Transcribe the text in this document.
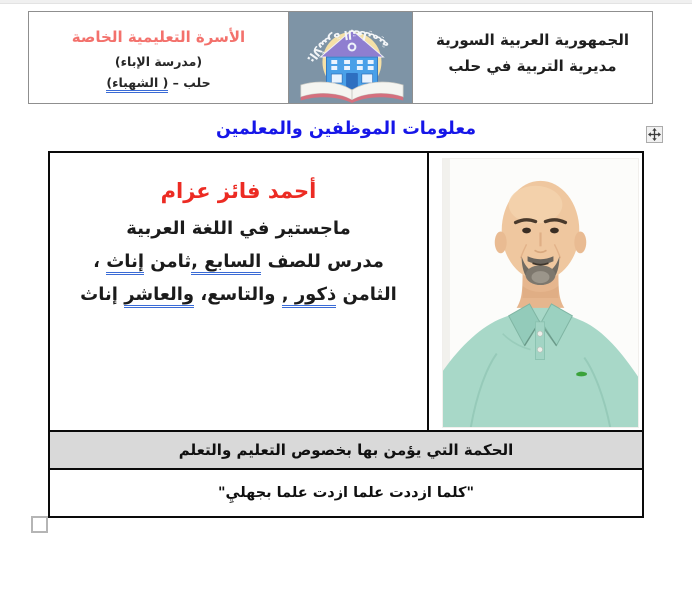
الأسرة التعليمية الخاصة
(مدرسة الإباء)
حلب – ( الشهباء)
الأسرة التعليمية:
الجمهورية العربية السورية
مديرية التربية في حلب
معلومات الموظفين والمعلمين
أحمد فائز عزام
ماجستير في اللغة العربية
مدرس للصف السابع ,ثامن إناث ،
الثامن ذكور , والتاسع، والعاشر إناث
الحكمة التي يؤمن بها بخصوص التعليم والتعلم
"كلما ازددت علما ازدت علما بجهليِ"
